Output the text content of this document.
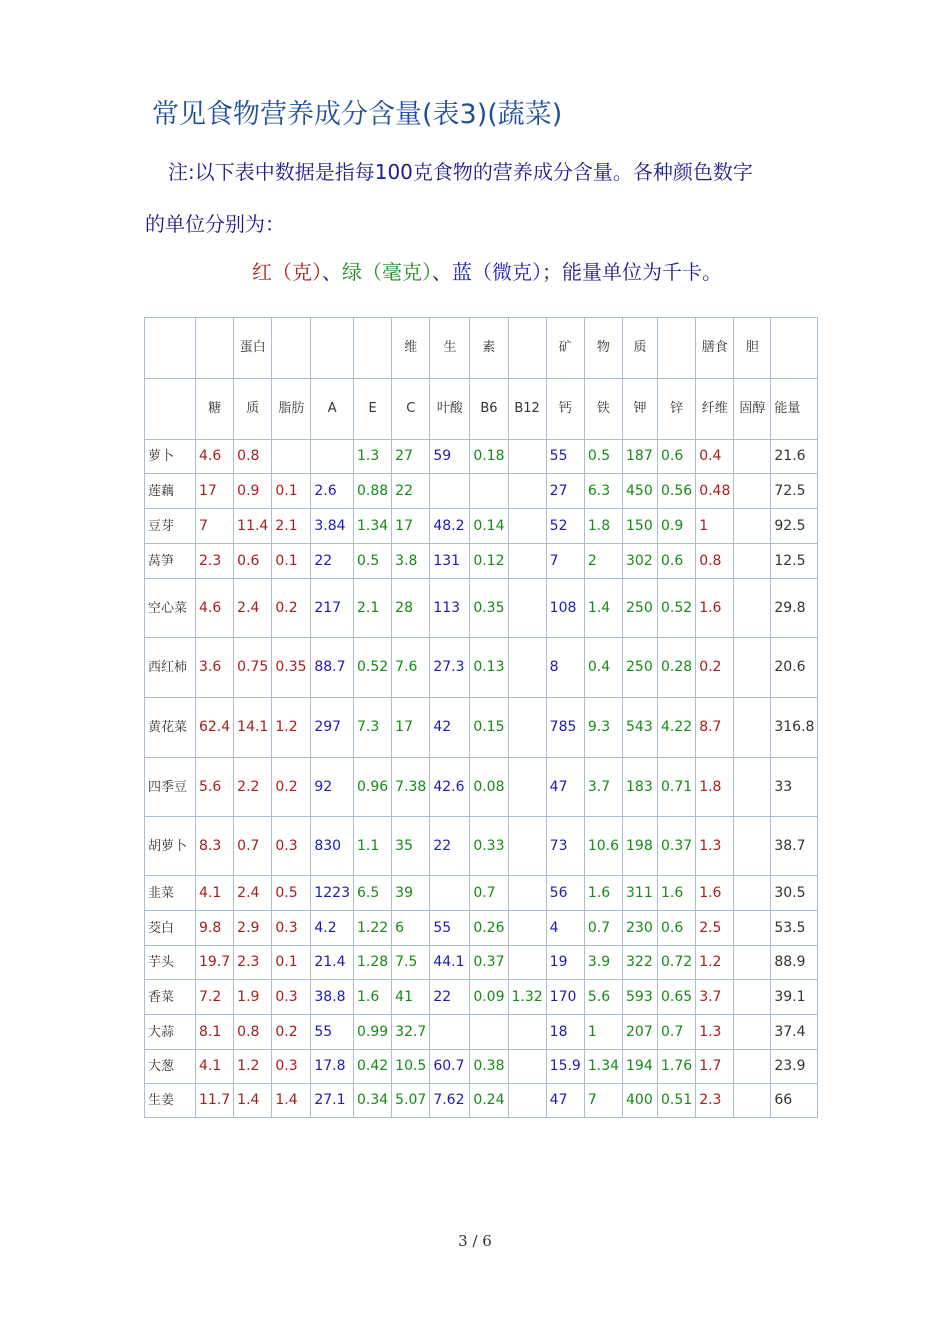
常见食物营养成分含量(表3)(蔬菜)
注:以下表中数据是指每100克食物的营养成分含量。各种颜色数字
的单位分别为：
红（克）、绿（毫克）、蓝（微克）；能量单位为千卡。
		蛋白				维	生	素		矿	物	质		膳食	胆	
	糖	质	脂肪	A	E	C	叶酸	B6	B12	钙	铁	钾	锌	纤维	固醇	能量
萝卜	4.6	0.8			1.3	27	59	0.18		55	0.5	187	0.6	0.4		21.6
莲藕	17	0.9	0.1	2.6	0.88	22				27	6.3	450	0.56	0.48		72.5
豆芽	7	11.4	2.1	3.84	1.34	17	48.2	0.14		52	1.8	150	0.9	1		92.5
莴笋	2.3	0.6	0.1	22	0.5	3.8	131	0.12		7	2	302	0.6	0.8		12.5
空心菜	4.6	2.4	0.2	217	2.1	28	113	0.35		108	1.4	250	0.52	1.6		29.8
西红柿	3.6	0.75	0.35	88.7	0.52	7.6	27.3	0.13		8	0.4	250	0.28	0.2		20.6
黄花菜	62.4	14.1	1.2	297	7.3	17	42	0.15		785	9.3	543	4.22	8.7		316.8
四季豆	5.6	2.2	0.2	92	0.96	7.38	42.6	0.08		47	3.7	183	0.71	1.8		33
胡萝卜	8.3	0.7	0.3	830	1.1	35	22	0.33		73	10.6	198	0.37	1.3		38.7
韭菜	4.1	2.4	0.5	1223	6.5	39		0.7		56	1.6	311	1.6	1.6		30.5
茭白	9.8	2.9	0.3	4.2	1.22	6	55	0.26		4	0.7	230	0.6	2.5		53.5
芋头	19.7	2.3	0.1	21.4	1.28	7.5	44.1	0.37		19	3.9	322	0.72	1.2		88.9
香菜	7.2	1.9	0.3	38.8	1.6	41	22	0.09	1.32	170	5.6	593	0.65	3.7		39.1
大蒜	8.1	0.8	0.2	55	0.99	32.7				18	1	207	0.7	1.3		37.4
大葱	4.1	1.2	0.3	17.8	0.42	10.5	60.7	0.38		15.9	1.34	194	1.76	1.7		23.9
生姜	11.7	1.4	1.4	27.1	0.34	5.07	7.62	0.24		47	7	400	0.51	2.3		66
3 / 6
